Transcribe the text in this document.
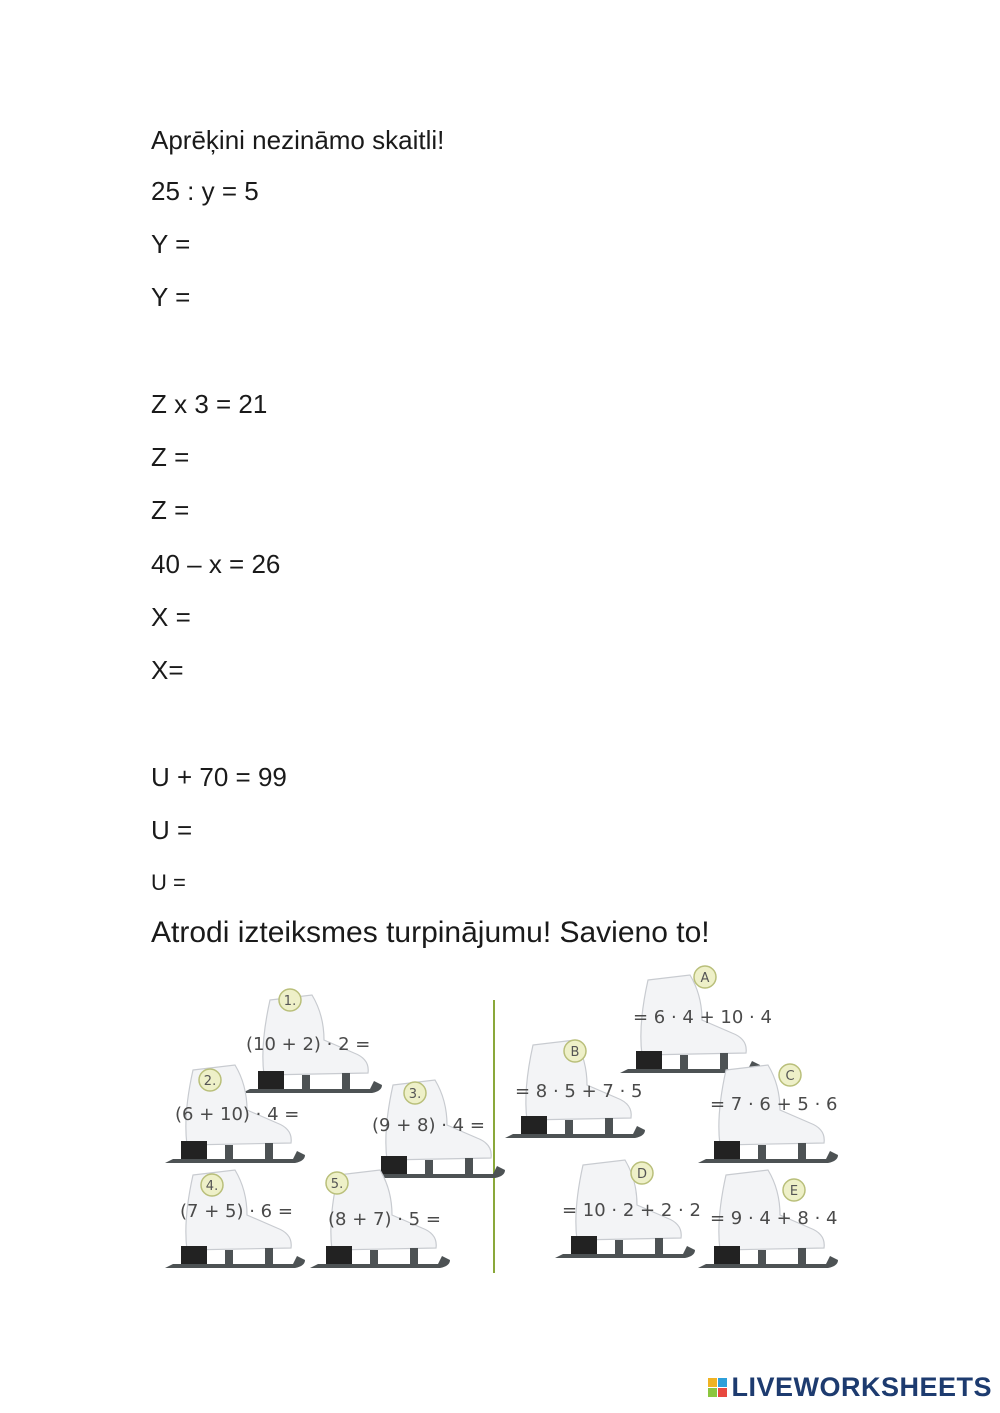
Aprēķini nezināmo skaitli!
25 : y = 5
Y =
Y =
Z x 3 = 21
Z =
Z =
40 – x = 26
X =
X=
U + 70 = 99
U =
U =
Atrodi izteiksmes turpinājumu! Savieno to!
1.
(10 + 2) · 2 =
2.
(6 + 10) · 4 =
3.
(9 + 8) · 4 =
4.
(7 + 5) · 6 =
5.
(8 + 7) · 5 =
A
= 6 · 4 + 10 · 4
B
= 8 · 5 + 7 · 5
C
= 7 · 6 + 5 · 6
D
= 10 · 2 + 2 · 2
E
= 9 · 4 + 8 · 4
LIVEWORKSHEETS
